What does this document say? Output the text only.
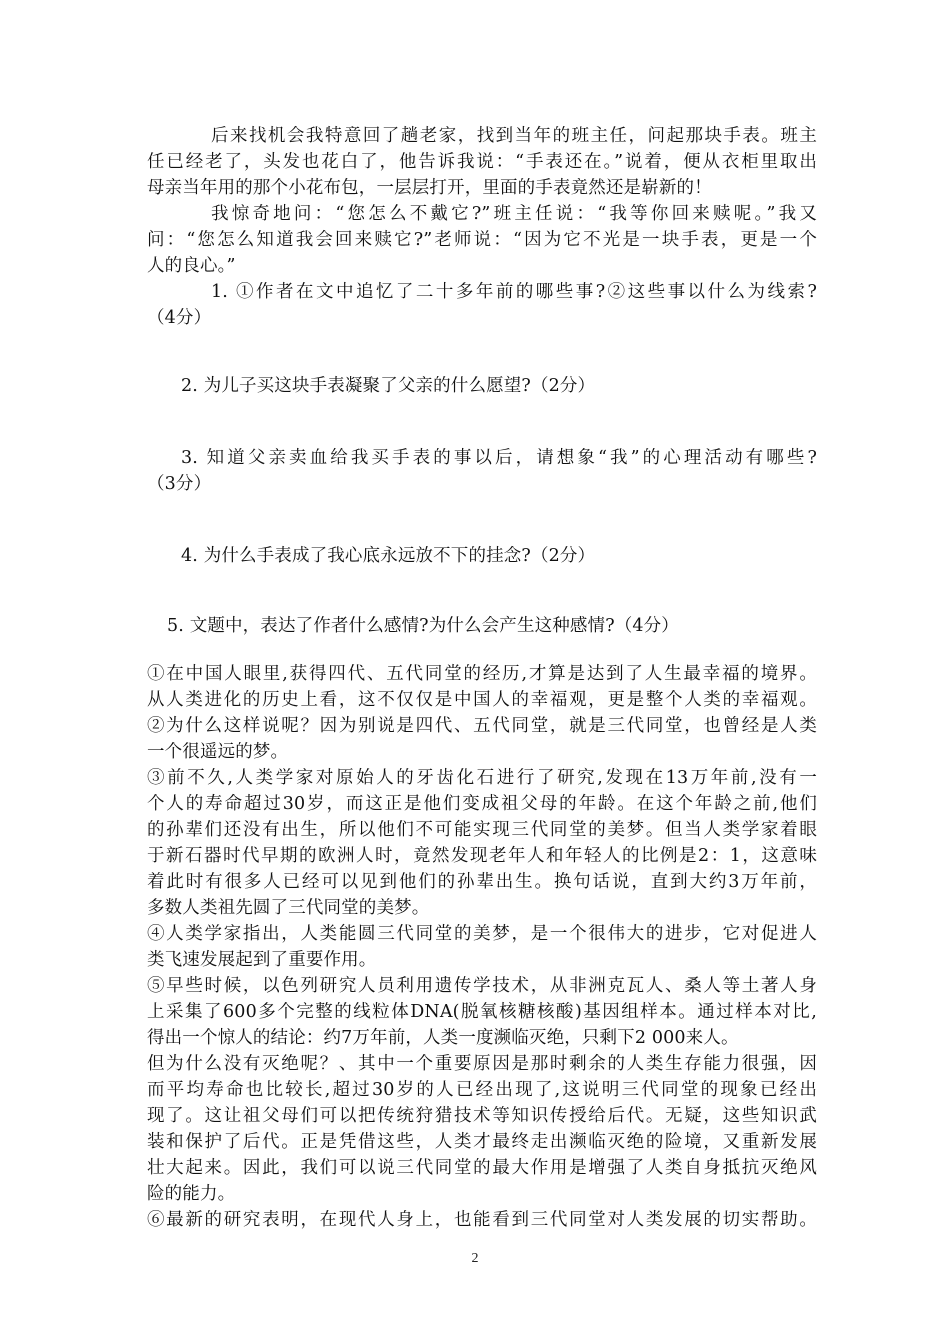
后来找机会我特意回了趟老家，找到当年的班主任，问起那块手表。班主
任已经老了，头发也花白了，他告诉我说：“手表还在。”说着，便从衣柜里取出
母亲当年用的那个小花布包，一层层打开，里面的手表竟然还是崭新的！
我惊奇地问：“您怎么不戴它?”班主任说：“我等你回来赎呢。”我又
问：“您怎么知道我会回来赎它?”老师说：“因为它不光是一块手表，更是一个
人的良心。”
1. ①作者在文中追忆了二十多年前的哪些事?②这些事以什么为线索?
（4分）
2. 为儿子买这块手表凝聚了父亲的什么愿望?（2分）
3. 知道父亲卖血给我买手表的事以后，请想象“我”的心理活动有哪些?
（3分）
4. 为什么手表成了我心底永远放不下的挂念?（2分）
5. 文题中，表达了作者什么感情?为什么会产生这种感情?（4分）
①在中国人眼里,获得四代、五代同堂的经历,才算是达到了人生最幸福的境界。
从人类进化的历史上看，这不仅仅是中国人的幸福观，更是整个人类的幸福观。
②为什么这样说呢？因为别说是四代、五代同堂，就是三代同堂，也曾经是人类
一个很遥远的梦。
③前不久,人类学家对原始人的牙齿化石进行了研究,发现在13万年前,没有一
个人的寿命超过30岁，而这正是他们变成祖父母的年龄。在这个年龄之前,他们
的孙辈们还没有出生，所以他们不可能实现三代同堂的美梦。但当人类学家着眼
于新石器时代早期的欧洲人时，竟然发现老年人和年轻人的比例是2：1，这意味
着此时有很多人已经可以见到他们的孙辈出生。换句话说，直到大约3万年前，
多数人类祖先圆了三代同堂的美梦。
④人类学家指出，人类能圆三代同堂的美梦，是一个很伟大的进步，它对促进人
类飞速发展起到了重要作用。
⑤早些时候，以色列研究人员利用遗传学技术，从非洲克瓦人、桑人等土著人身
上采集了600多个完整的线粒体DNA(脱氧核糖核酸)基因组样本。通过样本对比,
得出一个惊人的结论：约7万年前，人类一度濒临灭绝，只剩下2 000来人。
但为什么没有灭绝呢？、其中一个重要原因是那时剩余的人类生存能力很强，因
而平均寿命也比较长,超过30岁的人已经出现了,这说明三代同堂的现象已经出
现了。这让祖父母们可以把传统狩猎技术等知识传授给后代。无疑，这些知识武
装和保护了后代。正是凭借这些，人类才最终走出濒临灭绝的险境，又重新发展
壮大起来。因此，我们可以说三代同堂的最大作用是增强了人类自身抵抗灭绝风
险的能力。
⑥最新的研究表明，在现代人身上，也能看到三代同堂对人类发展的切实帮助。
2
